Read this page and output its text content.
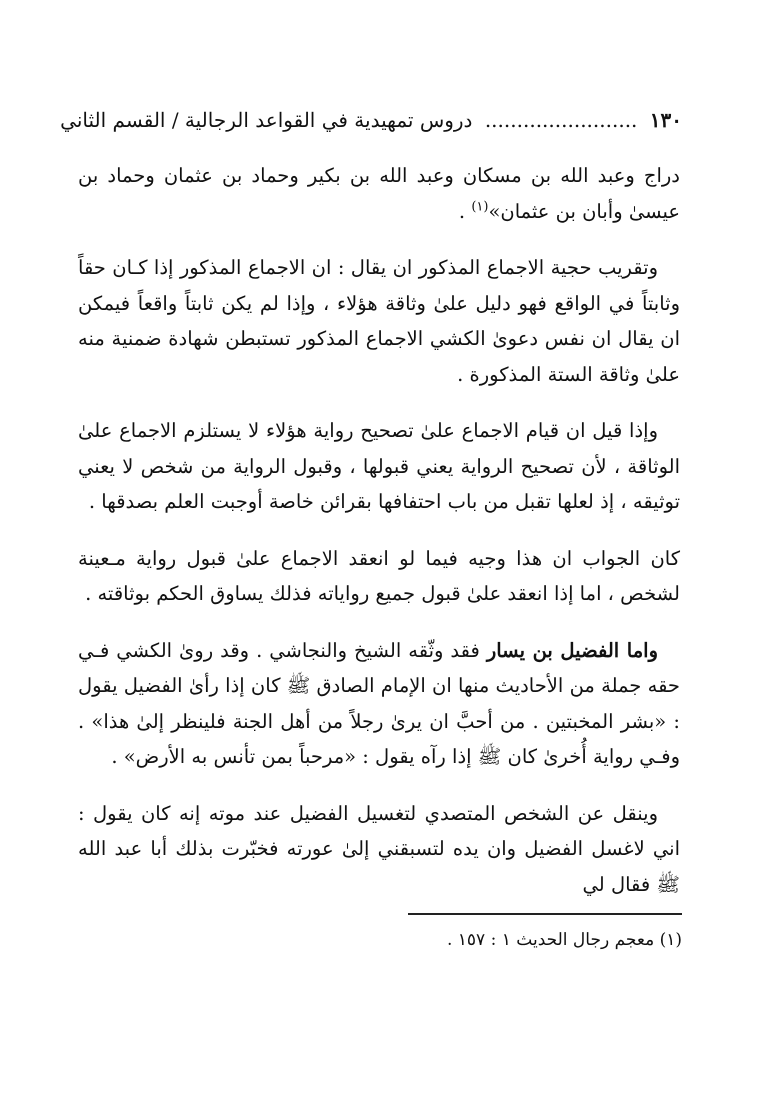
١٣٠ ........................ دروس تمهيدية في القواعد الرجالية / القسم الثاني

دراج وعبد الله بن مسكان وعبد الله بن بكير وحماد بن عثمان وحماد بن عيسىٰ وأبان بن عثمان»$^{(١)}$ .

وتقريب حجية الاجماع المذكور ان يقال : ان الاجماع المذكور إذا كـان حقاً وثابتاً في الواقع فهو دليل علىٰ وثاقة هؤلاء ، وإذا لم يكن ثابتاً واقعاً فيمكن ان يقال ان نفس دعوىٰ الكشي الاجماع المذكور تستبطن شهادة ضمنية منه علىٰ وثاقة الستة المذكورة .

وإذا قيل ان قيام الاجماع علىٰ تصحيح رواية هؤلاء لا يستلزم الاجماع علىٰ الوثاقة ، لأن تصحيح الرواية يعني قبولها ، وقبول الرواية من شخص لا يعني توثيقه ، إذ لعلها تقبل من باب احتفافها بقرائن خاصة أوجبت العلم بصدقها .

كان الجواب ان هذا وجيه فيما لو انعقد الاجماع علىٰ قبول رواية مـعينة لشخص ، اما إذا انعقد علىٰ قبول جميع رواياته فذلك يساوق الحكم بوثاقته .

واما الفضيل بن يسار فقد وثّقه الشيخ والنجاشي . وقد روىٰ الكشي فـي حقه جملة من الأحاديث منها ان الإمام الصادق ﷺ كان إذا رأىٰ الفضيل يقول : «بشر المخبتين . من أحبَّ ان يرىٰ رجلاً من أهل الجنة فلينظر إلىٰ هذا» . وفـي رواية أُخرىٰ كان ﷺ إذا رآه يقول : «مرحباً بمن تأنس به الأرض» .

وينقل عن الشخص المتصدي لتغسيل الفضيل عند موته إنه كان يقول : اني لاغسل الفضيل وان يده لتسبقني إلىٰ عورته فخبّرت بذلك أبا عبد الله ﷺ فقال لي

(١) معجم رجال الحديث ١ : ١٥٧ .
